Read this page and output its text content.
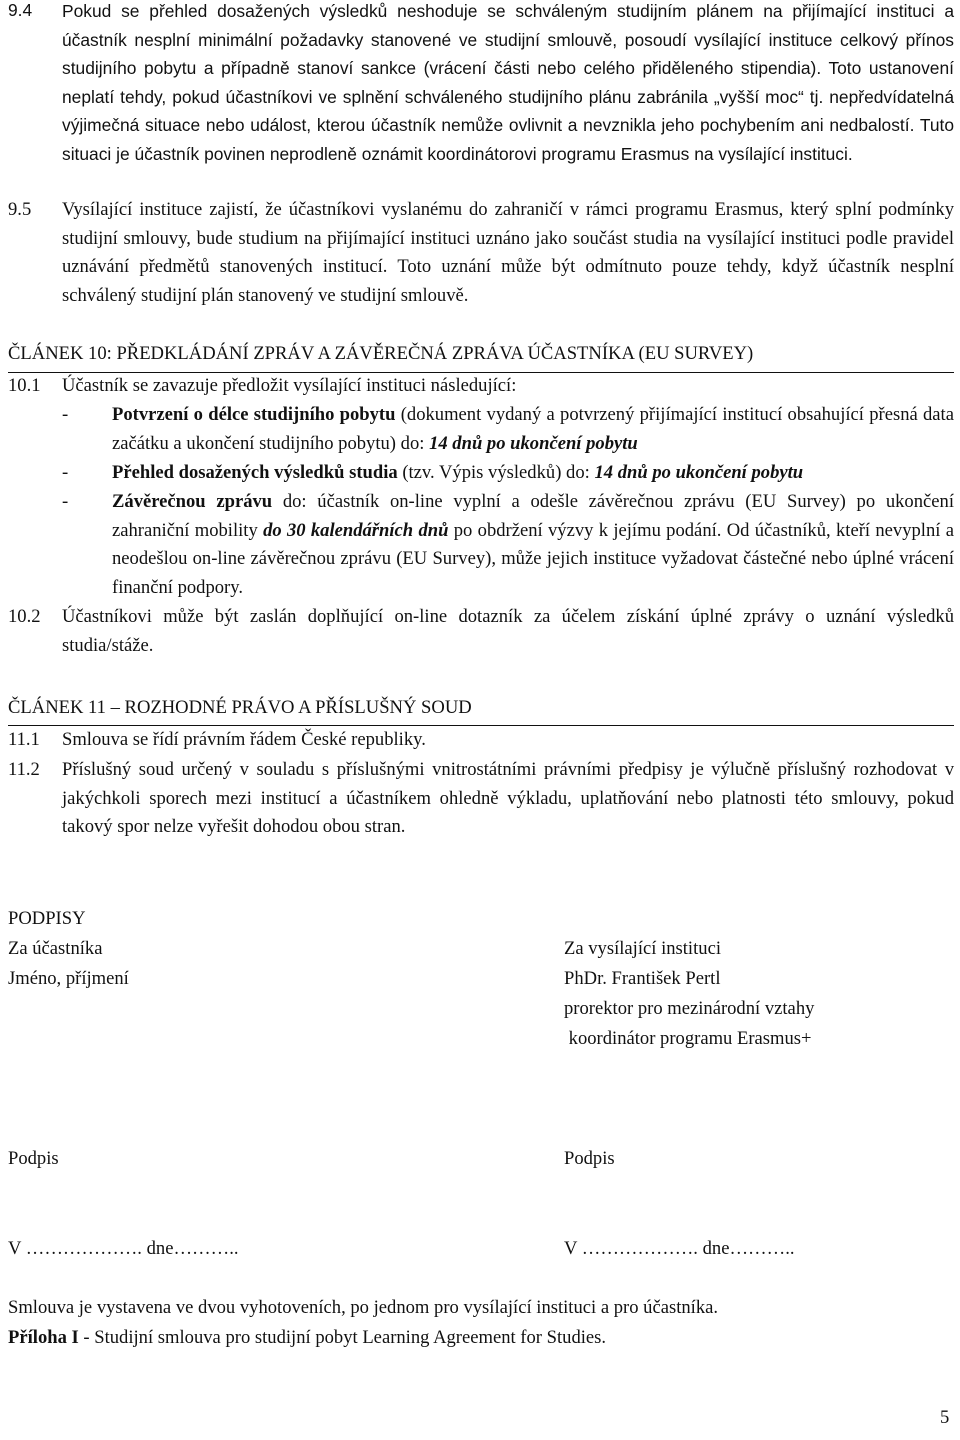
9.4 Pokud se přehled dosažených výsledků neshoduje se schváleným studijním plánem na přijímající instituci a účastník nesplní minimální požadavky stanovené ve studijní smlouvě, posoudí vysílající instituce celkový přínos studijního pobytu a případně stanoví sankce (vrácení části nebo celého přiděleného stipendia). Toto ustanovení neplatí tehdy, pokud účastníkovi ve splnění schváleného studijního plánu zabránila „vyšší moc“ tj. nepředvídatelná výjimečná situace nebo událost, kterou účastník nemůže ovlivnit a nevznikla jeho pochybením ani nedbalostí. Tuto situaci je účastník povinen neprodleně oznámit koordinátorovi programu Erasmus na vysílající instituci.
9.5 Vysílající instituce zajistí, že účastníkovi vyslanému do zahraničí v rámci programu Erasmus, který splní podmínky studijní smlouvy, bude studium na přijímající instituci uznáno jako součást studia na vysílající instituci podle pravidel uznávání předmětů stanovených institucí. Toto uznání může být odmítnuto pouze tehdy, když účastník nesplní schválený studijní plán stanovený ve studijní smlouvě.
ČLÁNEK 10: PŘEDKLÁDÁNÍ ZPRÁV A ZÁVĚREČNÁ ZPRÁVA ÚČASTNÍKA (EU SURVEY)
10.1 Účastník se zavazuje předložit vysílající instituci následující:
- Potvrzení o délce studijního pobytu (dokument vydaný a potvrzený přijímající institucí obsahující přesná data začátku a ukončení studijního pobytu) do: 14 dnů po ukončení pobytu
- Přehled dosažených výsledků studia (tzv. Výpis výsledků) do: 14 dnů po ukončení pobytu
- Závěrečnou zprávu do: účastník on-line vyplní a odešle závěrečnou zprávu (EU Survey) po ukončení zahraniční mobility do 30 kalendářních dnů po obdržení výzvy k jejímu podání. Od účastníků, kteří nevyplní a neodešlou on-line závěrečnou zprávu (EU Survey), může jejich instituce vyžadovat částečné nebo úplné vrácení finanční podpory.
10.2 Účastníkovi může být zaslán doplňující on-line dotazník za účelem získání úplné zprávy o uznání výsledků studia/stáže.
ČLÁNEK 11 – ROZHODNÉ PRÁVO A PŘÍSLUŠNÝ SOUD
11.1 Smlouva se řídí právním řádem České republiky.
11.2 Příslušný soud určený v souladu s příslušnými vnitrostátními právními předpisy je výlučně příslušný rozhodovat v jakýchkoli sporech mezi institucí a účastníkem ohledně výkladu, uplatňování nebo platnosti této smlouvy, pokud takový spor nelze vyřešit dohodou obou stran.
PODPISY
Za účastníka
Jméno, příjmení
Za vysílající instituci
PhDr. František Pertl
prorektor pro mezinárodní vztahy
koordinátor programu Erasmus+
Podpis	Podpis
V ………………. dne………..	V ………………. dne………..
Smlouva je vystavena ve dvou vyhotoveních, po jednom pro vysílající instituci a pro účastníka.
Příloha I - Studijní smlouva pro studijní pobyt Learning Agreement for Studies.
5
